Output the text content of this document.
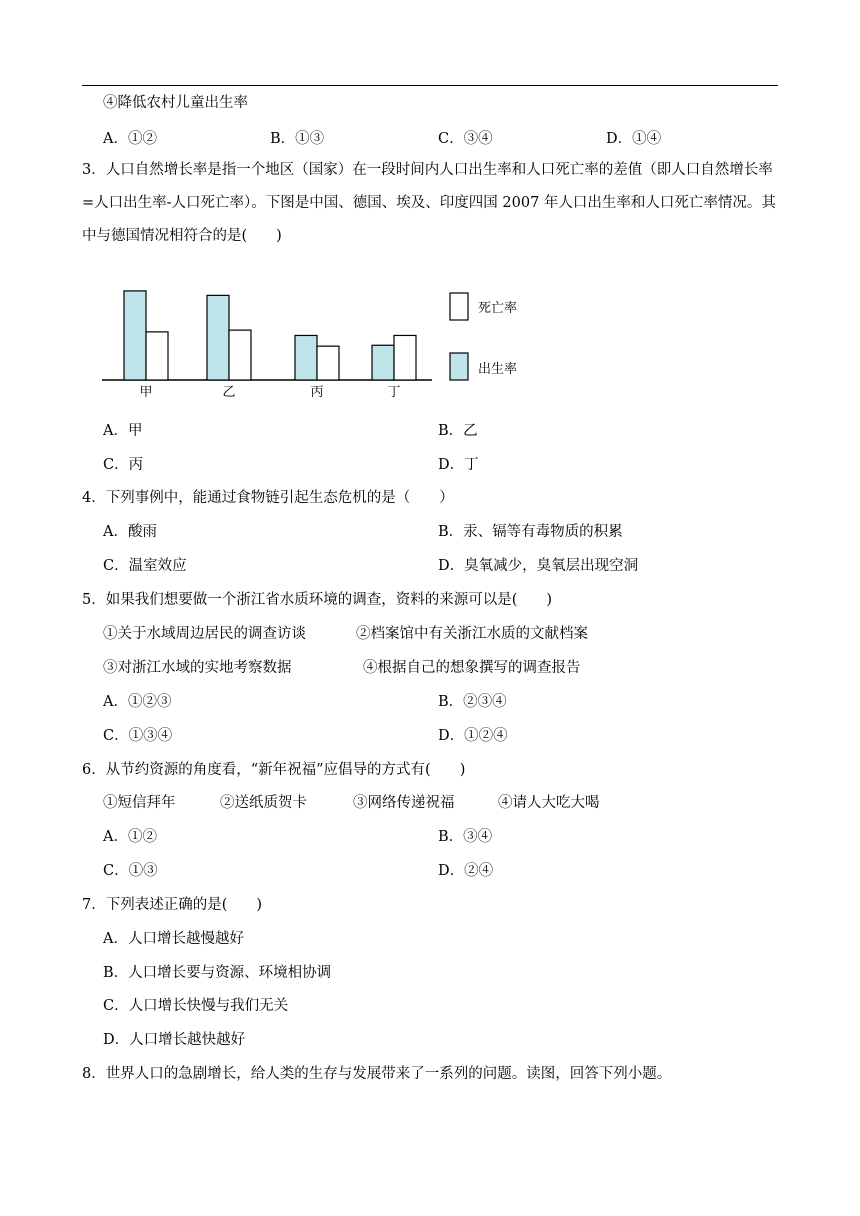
④降低农村儿童出生率
A．①②	B．①③	C．③④	D．①④
3．人口自然增长率是指一个地区（国家）在一段时间内人口出生率和人口死亡率的差值（即人口自然增长率=人口出生率-人口死亡率）。下图是中国、德国、埃及、印度四国 2007 年人口出生率和人口死亡率情况。其中与德国情况相符合的是(　　)
甲	乙	丙	丁
死亡率
出生率
A．甲	B．乙
C．丙	D．丁
4．下列事例中，能通过食物链引起生态危机的是（　　）
A．酸雨	B．汞、镉等有毒物质的积累
C．温室效应	D．臭氧减少，臭氧层出现空洞
5．如果我们想要做一个浙江省水质环境的调查，资料的来源可以是(　　)
①关于水域周边居民的调查访谈	②档案馆中有关浙江水质的文献档案
③对浙江水域的实地考察数据	④根据自己的想象撰写的调查报告
A．①②③	B．②③④
C．①③④	D．①②④
6．从节约资源的角度看，“新年祝福”应倡导的方式有(　　)
①短信拜年	②送纸质贺卡	③网络传递祝福	④请人大吃大喝
A．①②	B．③④
C．①③	D．②④
7．下列表述正确的是(　　)
A．人口增长越慢越好
B．人口增长要与资源、环境相协调
C．人口增长快慢与我们无关
D．人口增长越快越好
8．世界人口的急剧增长，给人类的生存与发展带来了一系列的问题。读图，回答下列小题。
